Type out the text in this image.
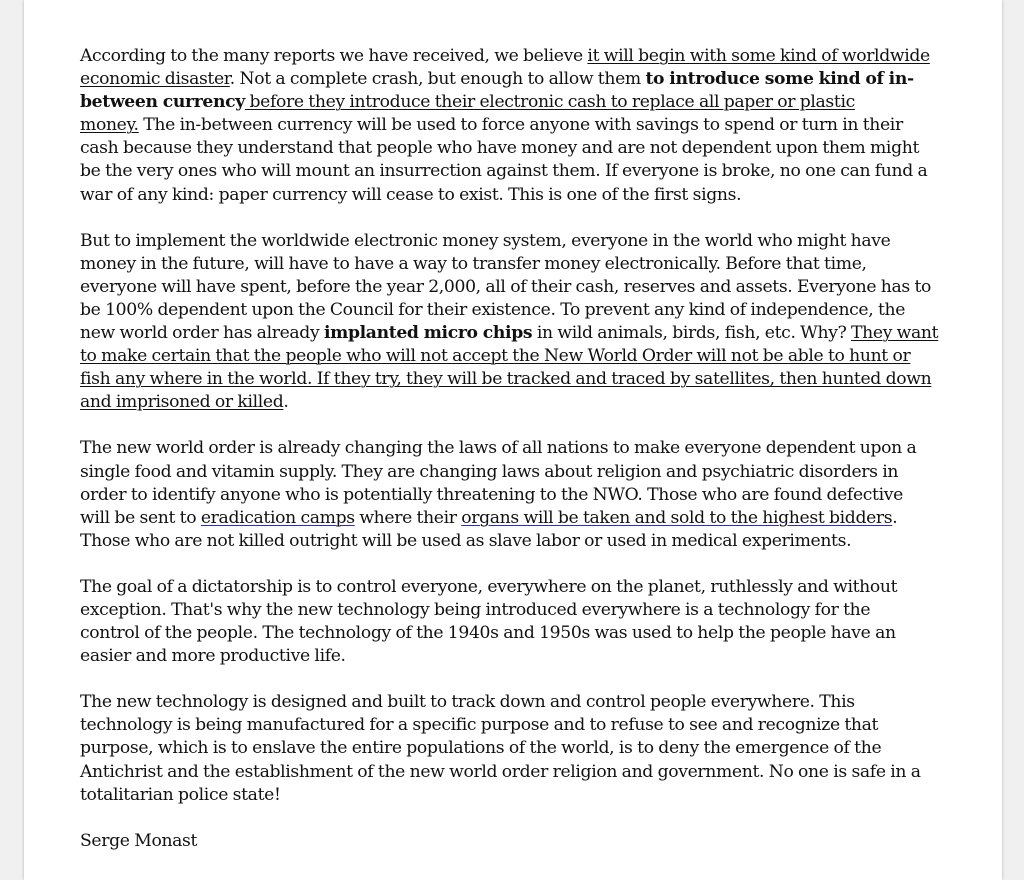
According to the many reports we have received, we believe it will begin with some kind of worldwide
economic disaster. Not a complete crash, but enough to allow them to introduce some kind of in-
between currency before they introduce their electronic cash to replace all paper or plastic
money. The in-between currency will be used to force anyone with savings to spend or turn in their
cash because they understand that people who have money and are not dependent upon them might
be the very ones who will mount an insurrection against them. If everyone is broke, no one can fund a
war of any kind: paper currency will cease to exist. This is one of the first signs.

But to implement the worldwide electronic money system, everyone in the world who might have
money in the future, will have to have a way to transfer money electronically. Before that time,
everyone will have spent, before the year 2,000, all of their cash, reserves and assets. Everyone has to
be 100% dependent upon the Council for their existence. To prevent any kind of independence, the
new world order has already implanted micro chips in wild animals, birds, fish, etc. Why? They want
to make certain that the people who will not accept the New World Order will not be able to hunt or
fish any where in the world. If they try, they will be tracked and traced by satellites, then hunted down
and imprisoned or killed.

The new world order is already changing the laws of all nations to make everyone dependent upon a
single food and vitamin supply. They are changing laws about religion and psychiatric disorders in
order to identify anyone who is potentially threatening to the NWO. Those who are found defective
will be sent to eradication camps where their organs will be taken and sold to the highest bidders.
Those who are not killed outright will be used as slave labor or used in medical experiments.

The goal of a dictatorship is to control everyone, everywhere on the planet, ruthlessly and without
exception. That's why the new technology being introduced everywhere is a technology for the
control of the people. The technology of the 1940s and 1950s was used to help the people have an
easier and more productive life.

The new technology is designed and built to track down and control people everywhere. This
technology is being manufactured for a specific purpose and to refuse to see and recognize that
purpose, which is to enslave the entire populations of the world, is to deny the emergence of the
Antichrist and the establishment of the new world order religion and government. No one is safe in a
totalitarian police state!

Serge Monast
